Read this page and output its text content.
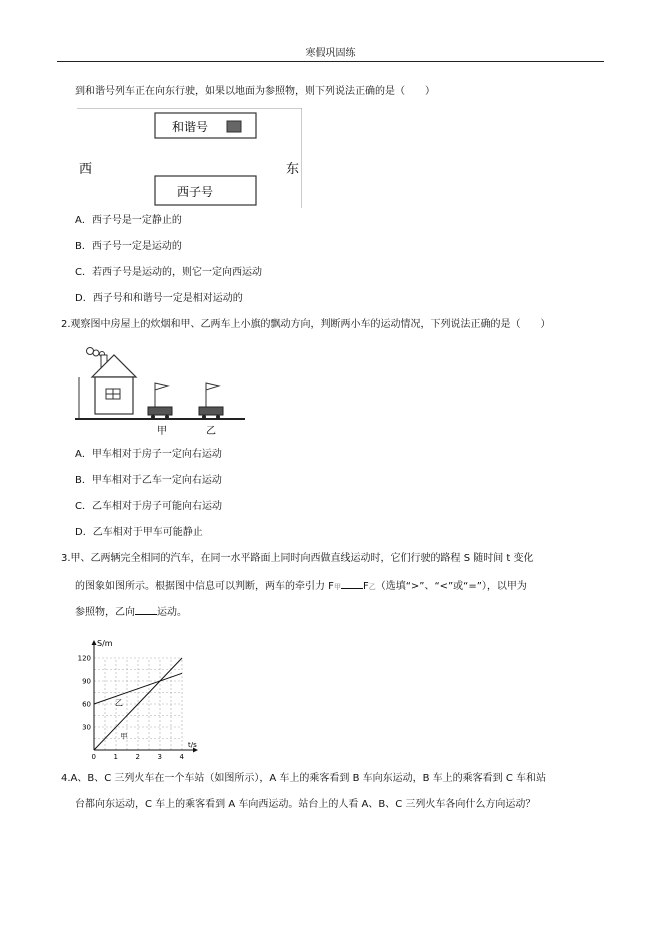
寒假巩固练
到和谐号列车正在向东行驶，如果以地面为参照物，则下列说法正确的是（　　）
和谐号
西	东
西子号
A．西子号是一定静止的
B．西子号一定是运动的
C．若西子号是运动的，则它一定向西运动
D．西子号和和谐号一定是相对运动的
2.观察图中房屋上的炊烟和甲、乙两车上小旗的飘动方向，判断两小车的运动情况，下列说法正确的是（　　）
甲	乙
A．甲车相对于房子一定向右运动
B．甲车相对于乙车一定向右运动
C．乙车相对于房子可能向右运动
D．乙车相对于甲车可能静止
3.甲、乙两辆完全相同的汽车，在同一水平路面上同时向西做直线运动时，它们行驶的路程 S 随时间 t 变化
的图象如图所示。根据图中信息可以判断，两车的牵引力 F甲 F乙（选填“>”、“<”或“=”），以甲为
参照物，乙向 运动。
S/m
t/s
0	1	2	3	4
30
60
90
120
甲
乙
4.A、B、C 三列火车在一个车站（如图所示），A 车上的乘客看到 B 车向东运动，B 车上的乘客看到 C 车和站
台都向东运动，C 车上的乘客看到 A 车向西运动。站台上的人看 A、B、C 三列火车各向什么方向运动？
